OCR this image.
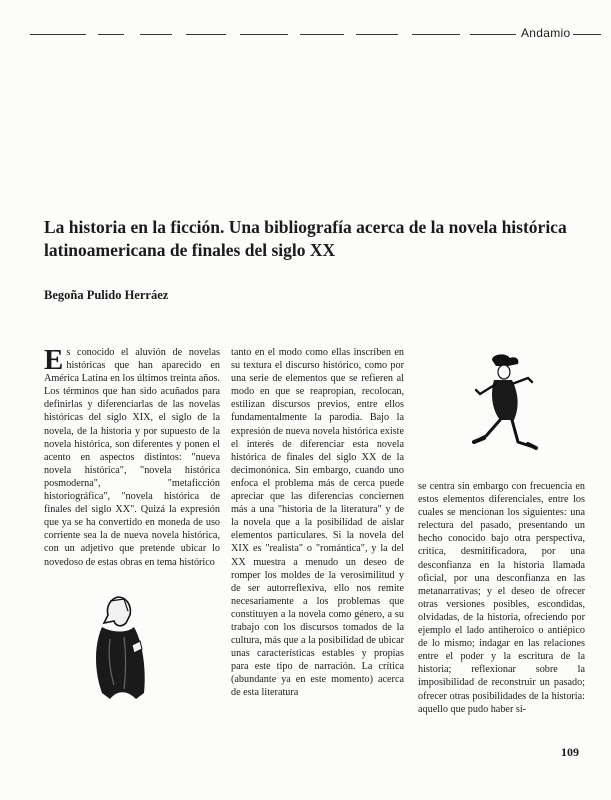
Andamio
La historia en la ficción. Una bibliografía acerca de la novela histórica latinoamericana de finales del siglo XX
Begoña Pulido Herráez

Es conocido el aluvión de novelas históricas que han aparecido en América Latina en los últimos treinta años. Los términos que han sido acuñados para definirlas y diferenciarlas de las novelas históricas del siglo XIX, el siglo de la novela, de la historia y por supuesto de la novela histórica, son diferentes y ponen el acento en aspectos distintos: "nueva novela histórica", "novela histórica posmoderna", "metaficción historiográfica", "novela histórica de finales del siglo XX". Quizá la expresión que ya se ha convertido en moneda de uso corriente sea la de nueva novela histórica, con un adjetivo que pretende ubicar lo novedoso de estas obras en tema histórico

tanto en el modo como ellas inscriben en su textura el discurso histórico, como por una serie de elementos que se refieren al modo en que se reapropian, recolocan, estilizan discursos previos, entre ellos fundamentalmente la parodia. Bajo la expresión de nueva novela histórica existe el interés de diferenciar esta novela histórica de finales del siglo XX de la decimonónica. Sin embargo, cuando uno enfoca el problema más de cerca puede apreciar que las diferencias conciernen más a una "historia de la literatura" y de la novela que a la posibilidad de aislar elementos particulares. Si la novela del XIX es "realista" o "romántica", y la del XX muestra a menudo un deseo de romper los moldes de la verosimilitud y de ser autorreflexiva, ello nos remite necesariamente a los problemas que constituyen a la novela como género, a su trabajo con los discursos tomados de la cultura, más que a la posibilidad de ubicar unas características estables y propias para este tipo de narración. La crítica (abundante ya en este momento) acerca de esta literatura

se centra sin embargo con frecuencia en estos elementos diferenciales, entre los cuales se mencionan los siguientes: una relectura del pasado, presentando un hecho conocido bajo otra perspectiva, crítica, desmitificadora, por una desconfianza en la historia llamada oficial, por una desconfianza en las metanarrativas; y el deseo de ofrecer otras versiones posibles, escondidas, olvidadas, de la historia, ofreciendo por ejemplo el lado antiheroico o antiépico de lo mismo; indagar en las relaciones entre el poder y la escritura de la historia; reflexionar sobre la imposibilidad de reconstruir un pasado; ofrecer otras posibilidades de la historia: aquello que pudo haber si-

109
